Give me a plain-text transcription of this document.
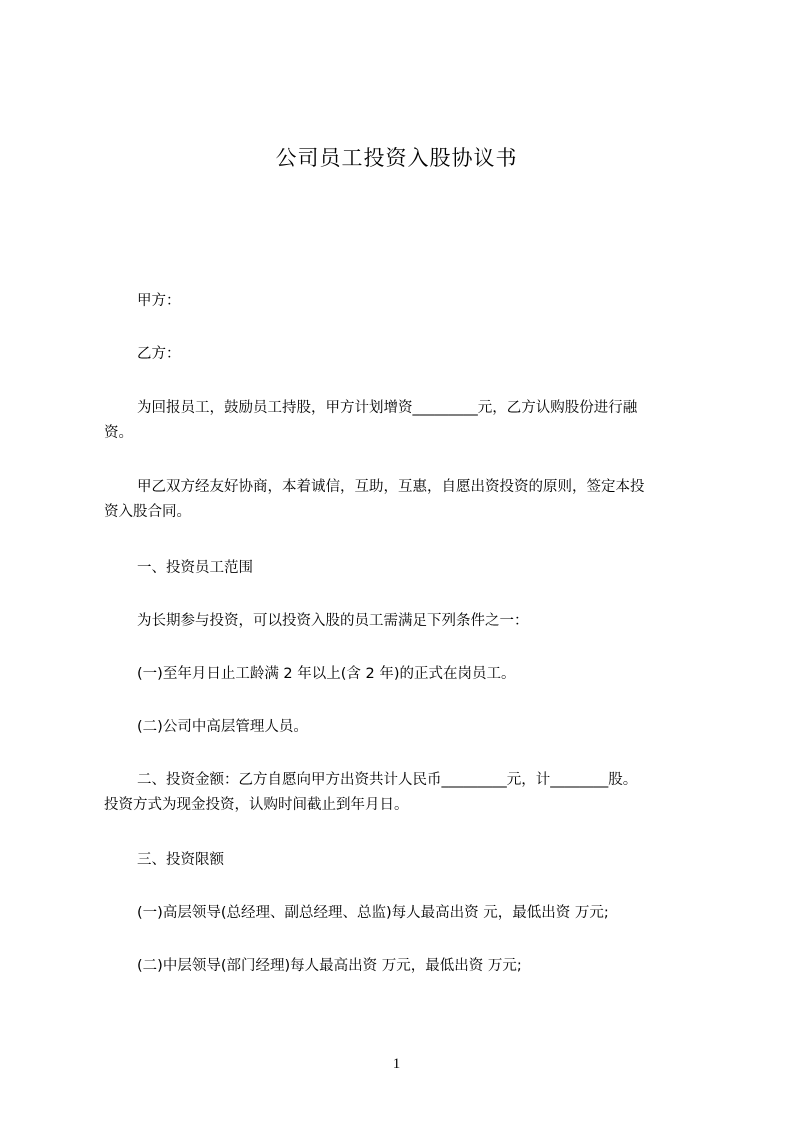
公司员工投资入股协议书
甲方：
乙方：
为回报员工，鼓励员工持股，甲方计划增资_________元，乙方认购股份进行融
资。
甲乙双方经友好协商，本着诚信，互助，互惠，自愿出资投资的原则，签定本投
资入股合同。
一、投资员工范围
为长期参与投资，可以投资入股的员工需满足下列条件之一：
(一)至年月日止工龄满 2 年以上(含 2 年)的正式在岗员工。
(二)公司中高层管理人员。
二、投资金额：乙方自愿向甲方出资共计人民币_________元，计________股。
投资方式为现金投资，认购时间截止到年月日。
三、投资限额
(一)高层领导(总经理、副总经理、总监)每人最高出资 元，最低出资 万元;
(二)中层领导(部门经理)每人最高出资 万元，最低出资 万元;
1
